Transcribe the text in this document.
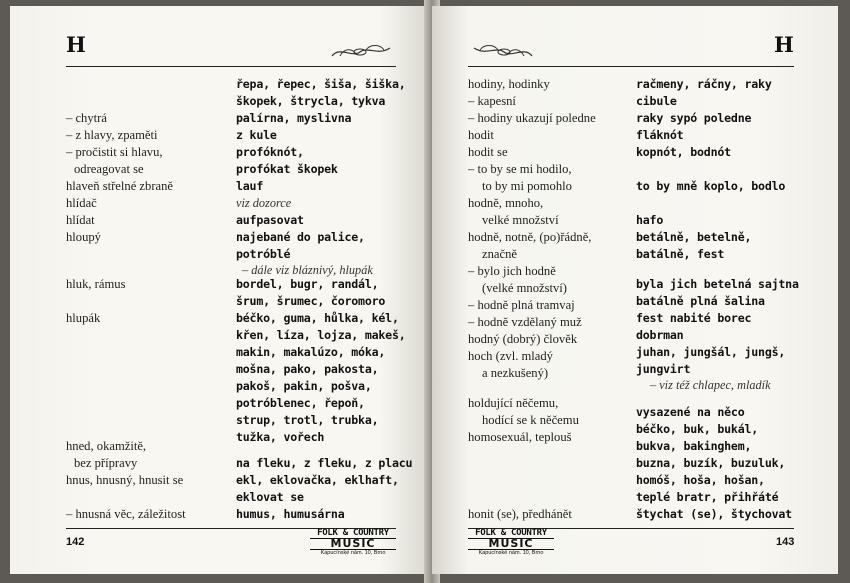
H
– chytrá
– z hlavy, zpaměti
– pročistit si hlavu,
odreagovat se
hlaveň střelné zbraně
hlídač
hlídat
hloupý
hluk, rámus
hlupák
hned, okamžitě,
bez přípravy
hnus, hnusný, hnusit se
– hnusná věc, záležitost
řepa, řepec, šiša, šiška,
škopek, štrycla, tykva
palírna, myslivna
z kule
profóknót,
profókat škopek
lauf
viz dozorce
aufpasovat
najebané do palice,
potróblé
– dále viz bláznivý, hlupák
bordel, bugr, randál,
šrum, šrumec, čoromoro
béčko, guma, hůlka, kél,
křen, líza, lojza, makeš,
makin, makalúzo, móka,
mošna, pako, pakosta,
pakoš, pakin, pošva,
potróblenec, řepoň,
strup, trotl, trubka,
tužka, vořech
na fleku, z fleku, z placu
ekl, eklovačka, eklhaft,
eklovat se
humus, humusárna
142
FOLK & COUNTRY
MUSIC
Kapucínské nám. 10, Brno
H
hodiny, hodinky
– kapesní
– hodiny ukazují poledne
hodit
hodit se
– to by se mi hodilo,
to by mi pomohlo
hodně, mnoho,
velké množství
hodně, notně, (po)řádně,
značně
– bylo jich hodně
(velké množství)
– hodně plná tramvaj
– hodně vzdělaný muž
hodný (dobrý) člověk
hoch (zvl. mladý
a nezkušený)
holdující něčemu,
hodící se k něčemu
homosexuál, teplouš
honit (se), předhánět
račmeny, ráčny, raky
cibule
raky sypó poledne
fláknót
kopnót, bodnót
to by mně koplo, bodlo
hafo
betálně, betelně,
batálně, fest
byla jich betelná sajtna
batálně plná šalina
fest nabité borec
dobrman
juhan, jungšál, jungš,
jungvirt
– viz též chlapec, mladík
vysazené na něco
béčko, buk, bukál,
bukva, bakinghem,
buzna, buzík, buzuluk,
homóš, hoša, hošan,
teplé bratr, přihřáté
štychat (se), štychovat
FOLK & COUNTRY
MUSIC
Kapucínské nám. 10, Brno
143
